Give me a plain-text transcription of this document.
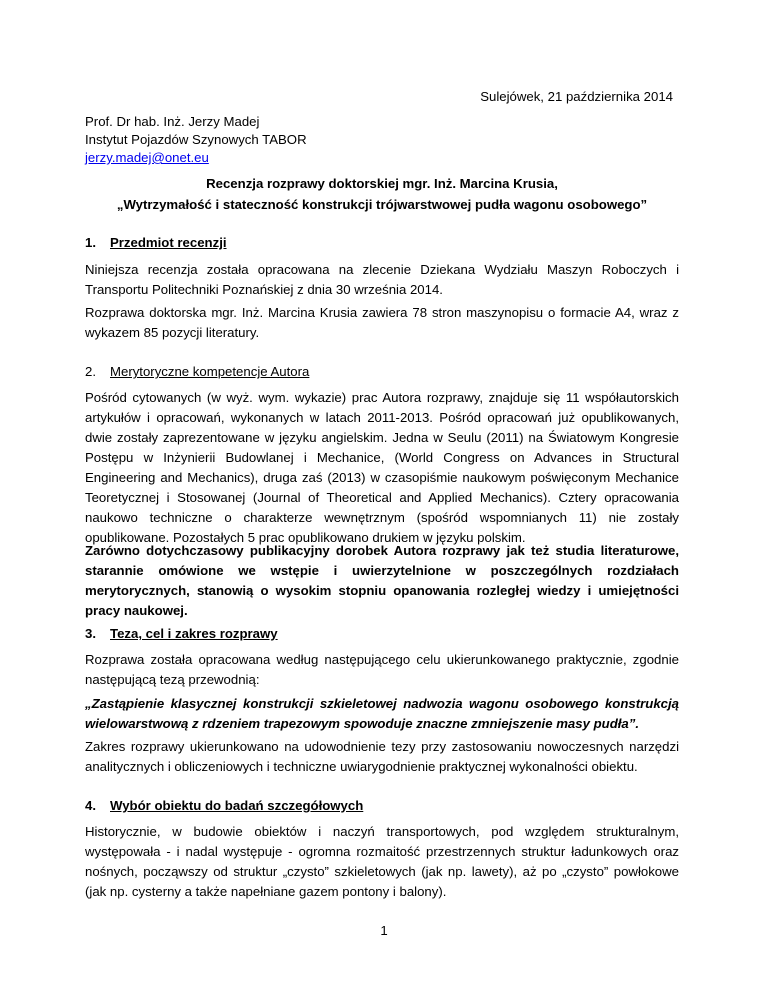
Sulejówek, 21 października 2014
Prof. Dr hab. Inż. Jerzy Madej
Instytut Pojazdów Szynowych TABOR
jerzy.madej@onet.eu
Recenzja rozprawy doktorskiej mgr. Inż. Marcina Krusia,
„Wytrzymałość i stateczność konstrukcji trójwarstwowej pudła wagonu osobowego”
1. Przedmiot recenzji
Niniejsza recenzja została opracowana na zlecenie Dziekana Wydziału Maszyn Roboczych i Transportu Politechniki Poznańskiej z dnia 30 września 2014.
Rozprawa doktorska mgr. Inż. Marcina Krusia zawiera 78 stron maszynopisu o formacie A4, wraz z wykazem 85 pozycji literatury.
2. Merytoryczne kompetencje Autora
Pośród cytowanych (w wyż. wym. wykazie) prac Autora rozprawy, znajduje się 11 współautorskich artykułów i opracowań, wykonanych w latach 2011-2013. Pośród opracowań już opublikowanych, dwie zostały zaprezentowane w języku angielskim. Jedna w Seulu (2011) na Światowym Kongresie Postępu w Inżynierii Budowlanej i Mechanice, (World Congress on Advances in Structural Engineering and Mechanics), druga zaś (2013) w czasopiśmie naukowym poświęconym Mechanice Teoretycznej i Stosowanej (Journal of Theoretical and Applied Mechanics). Cztery opracowania naukowo techniczne o charakterze wewnętrznym (spośród wspomnianych 11) nie zostały opublikowane. Pozostałych 5 prac opublikowano drukiem w języku polskim.
Zarówno dotychczasowy publikacyjny dorobek Autora rozprawy jak też studia literaturowe, starannie omówione we wstępie i uwierzytelnione w poszczególnych rozdziałach merytorycznych, stanowią o wysokim stopniu opanowania rozległej wiedzy i umiejętności pracy naukowej.
3. Teza, cel i zakres rozprawy
Rozprawa została opracowana według następującego celu ukierunkowanego praktycznie, zgodnie następującą tezą przewodnią:
„Zastąpienie klasycznej konstrukcji szkieletowej nadwozia wagonu osobowego konstrukcją wielowarstwową z rdzeniem trapezowym spowoduje znaczne zmniejszenie masy pudła”.
Zakres rozprawy ukierunkowano na udowodnienie tezy przy zastosowaniu nowoczesnych narzędzi analitycznych i obliczeniowych i techniczne uwiarygodnienie praktycznej wykonalności obiektu.
4. Wybór obiektu do badań szczegółowych
Historycznie, w budowie obiektów i naczyń transportowych, pod względem strukturalnym, występowała - i nadal występuje - ogromna rozmaitość przestrzennych struktur ładunkowych oraz nośnych, począwszy od struktur „czysto” szkieletowych (jak np. lawety), aż po „czysto” powłokowe (jak np. cysterny a także napełniane gazem pontony i balony).
1
